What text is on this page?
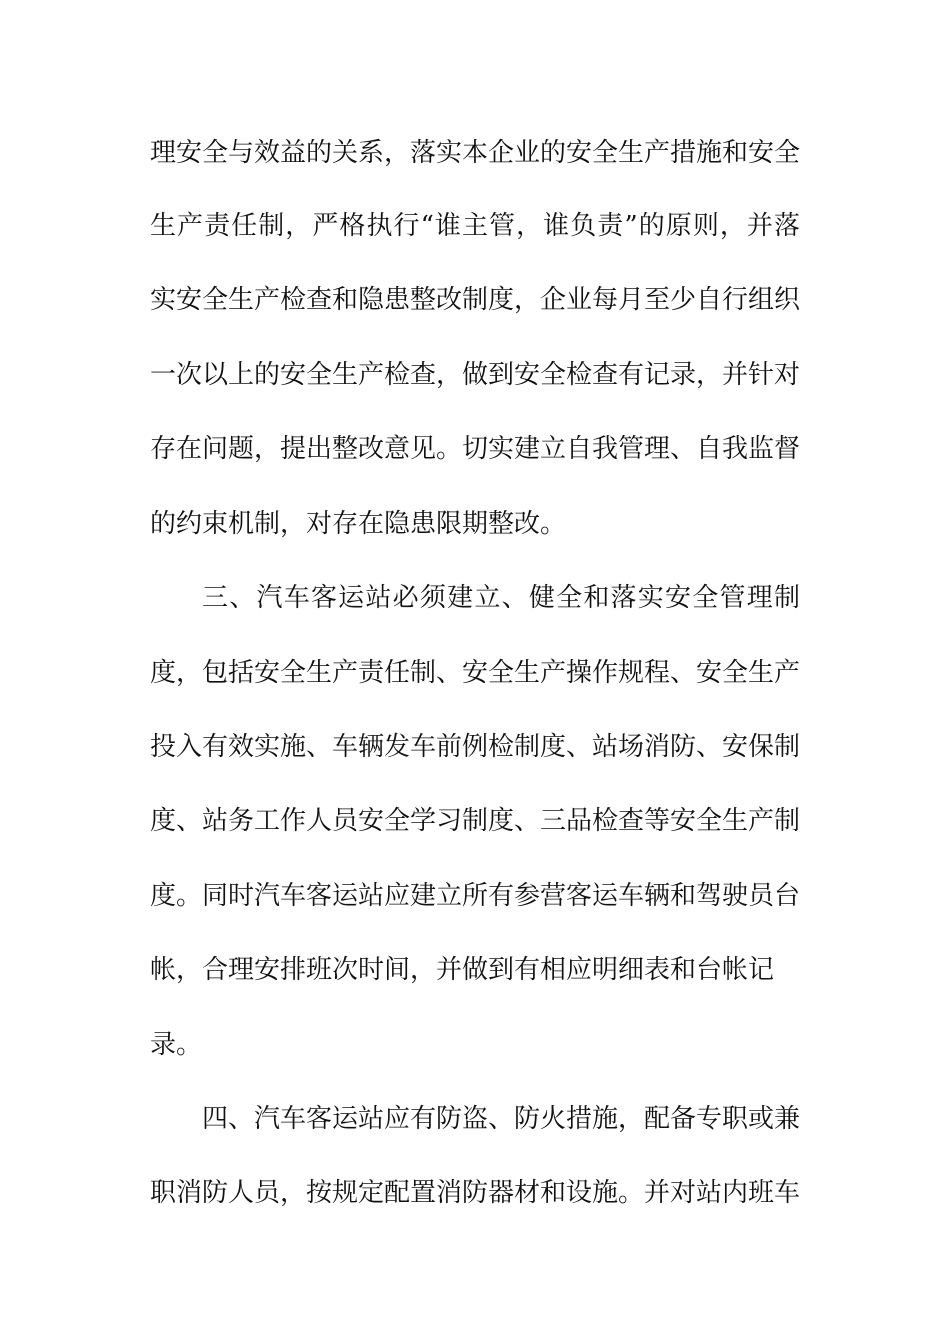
理安全与效益的关系，落实本企业的安全生产措施和安全
生产责任制，严格执行“谁主管，谁负责”的原则，并落
实安全生产检查和隐患整改制度，企业每月至少自行组织
一次以上的安全生产检查，做到安全检查有记录，并针对
存在问题，提出整改意见。切实建立自我管理、自我监督
的约束机制，对存在隐患限期整改。
三、汽车客运站必须建立、健全和落实安全管理制
度，包括安全生产责任制、安全生产操作规程、安全生产
投入有效实施、车辆发车前例检制度、站场消防、安保制
度、站务工作人员安全学习制度、三品检查等安全生产制
度。同时汽车客运站应建立所有参营客运车辆和驾驶员台
帐，合理安排班次时间，并做到有相应明细表和台帐记
录。
四、汽车客运站应有防盗、防火措施，配备专职或兼
职消防人员，按规定配置消防器材和设施。并对站内班车
